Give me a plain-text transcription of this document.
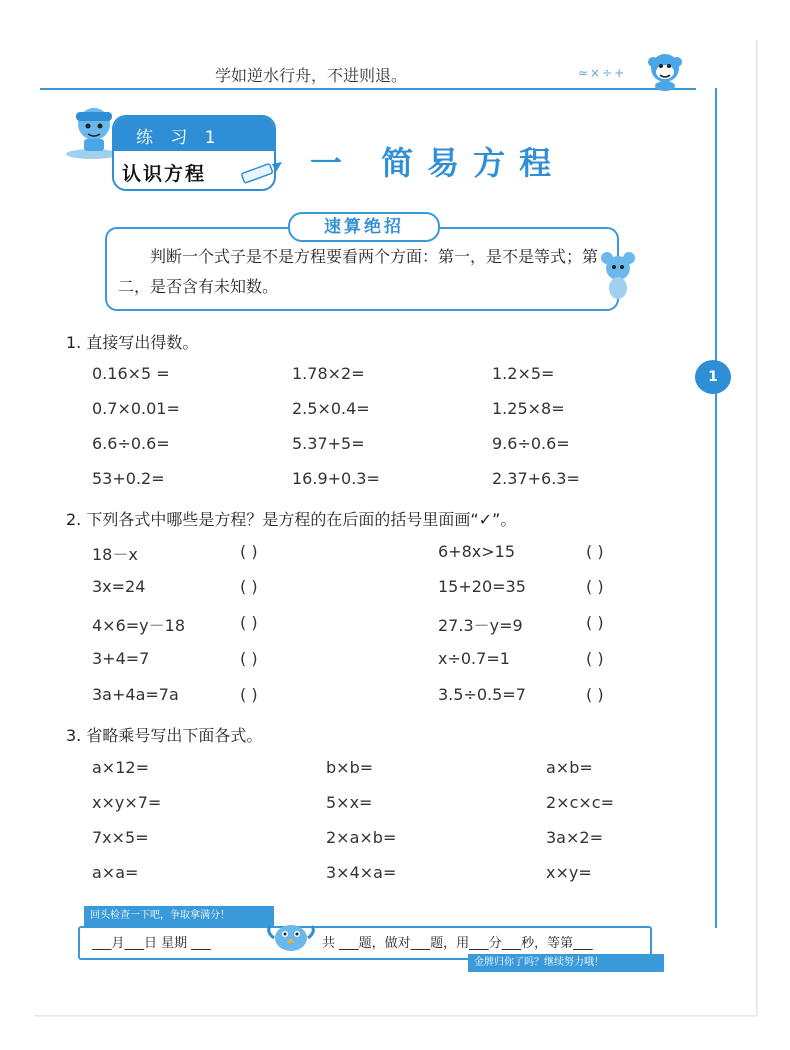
学如逆水行舟，不进则退。	≈×÷+
1
练 习 1
认识方程	一 简易方程
速算绝招
判断一个式子是不是方程要看两个方面：第一，是不是等式；第二，是否含有未知数。
1. 直接写出得数。
0.16×5 =	1.78×2=	1.2×5=
0.7×0.01=	2.5×0.4=	1.25×8=
6.6÷0.6=	5.37+5=	9.6÷0.6=
53+0.2=	16.9+0.3=	2.37+6.3=
2. 下列各式中哪些是方程？是方程的在后面的括号里面画“✓”。
18－x	( )	6+8x>15	( )
3x=24	( )	15+20=35	( )
4×6=y－18	( )	27.3－y=9	( )
3+4=7	( )	x÷0.7=1	( )
3a+4a=7a	( )	3.5÷0.5=7	( )
3. 省略乘号写出下面各式。
a×12=	b×b=	a×b=
x×y×7=	5×x=	2×c×c=
7x×5=	2×a×b=	3a×2=
a×a=	3×4×a=	x×y=
回头检查一下吧，争取拿满分！
___月___日 星期 ___	共 ___题，做对___题，用___分___秒，等第___
金牌归你了吗？继续努力哦！
